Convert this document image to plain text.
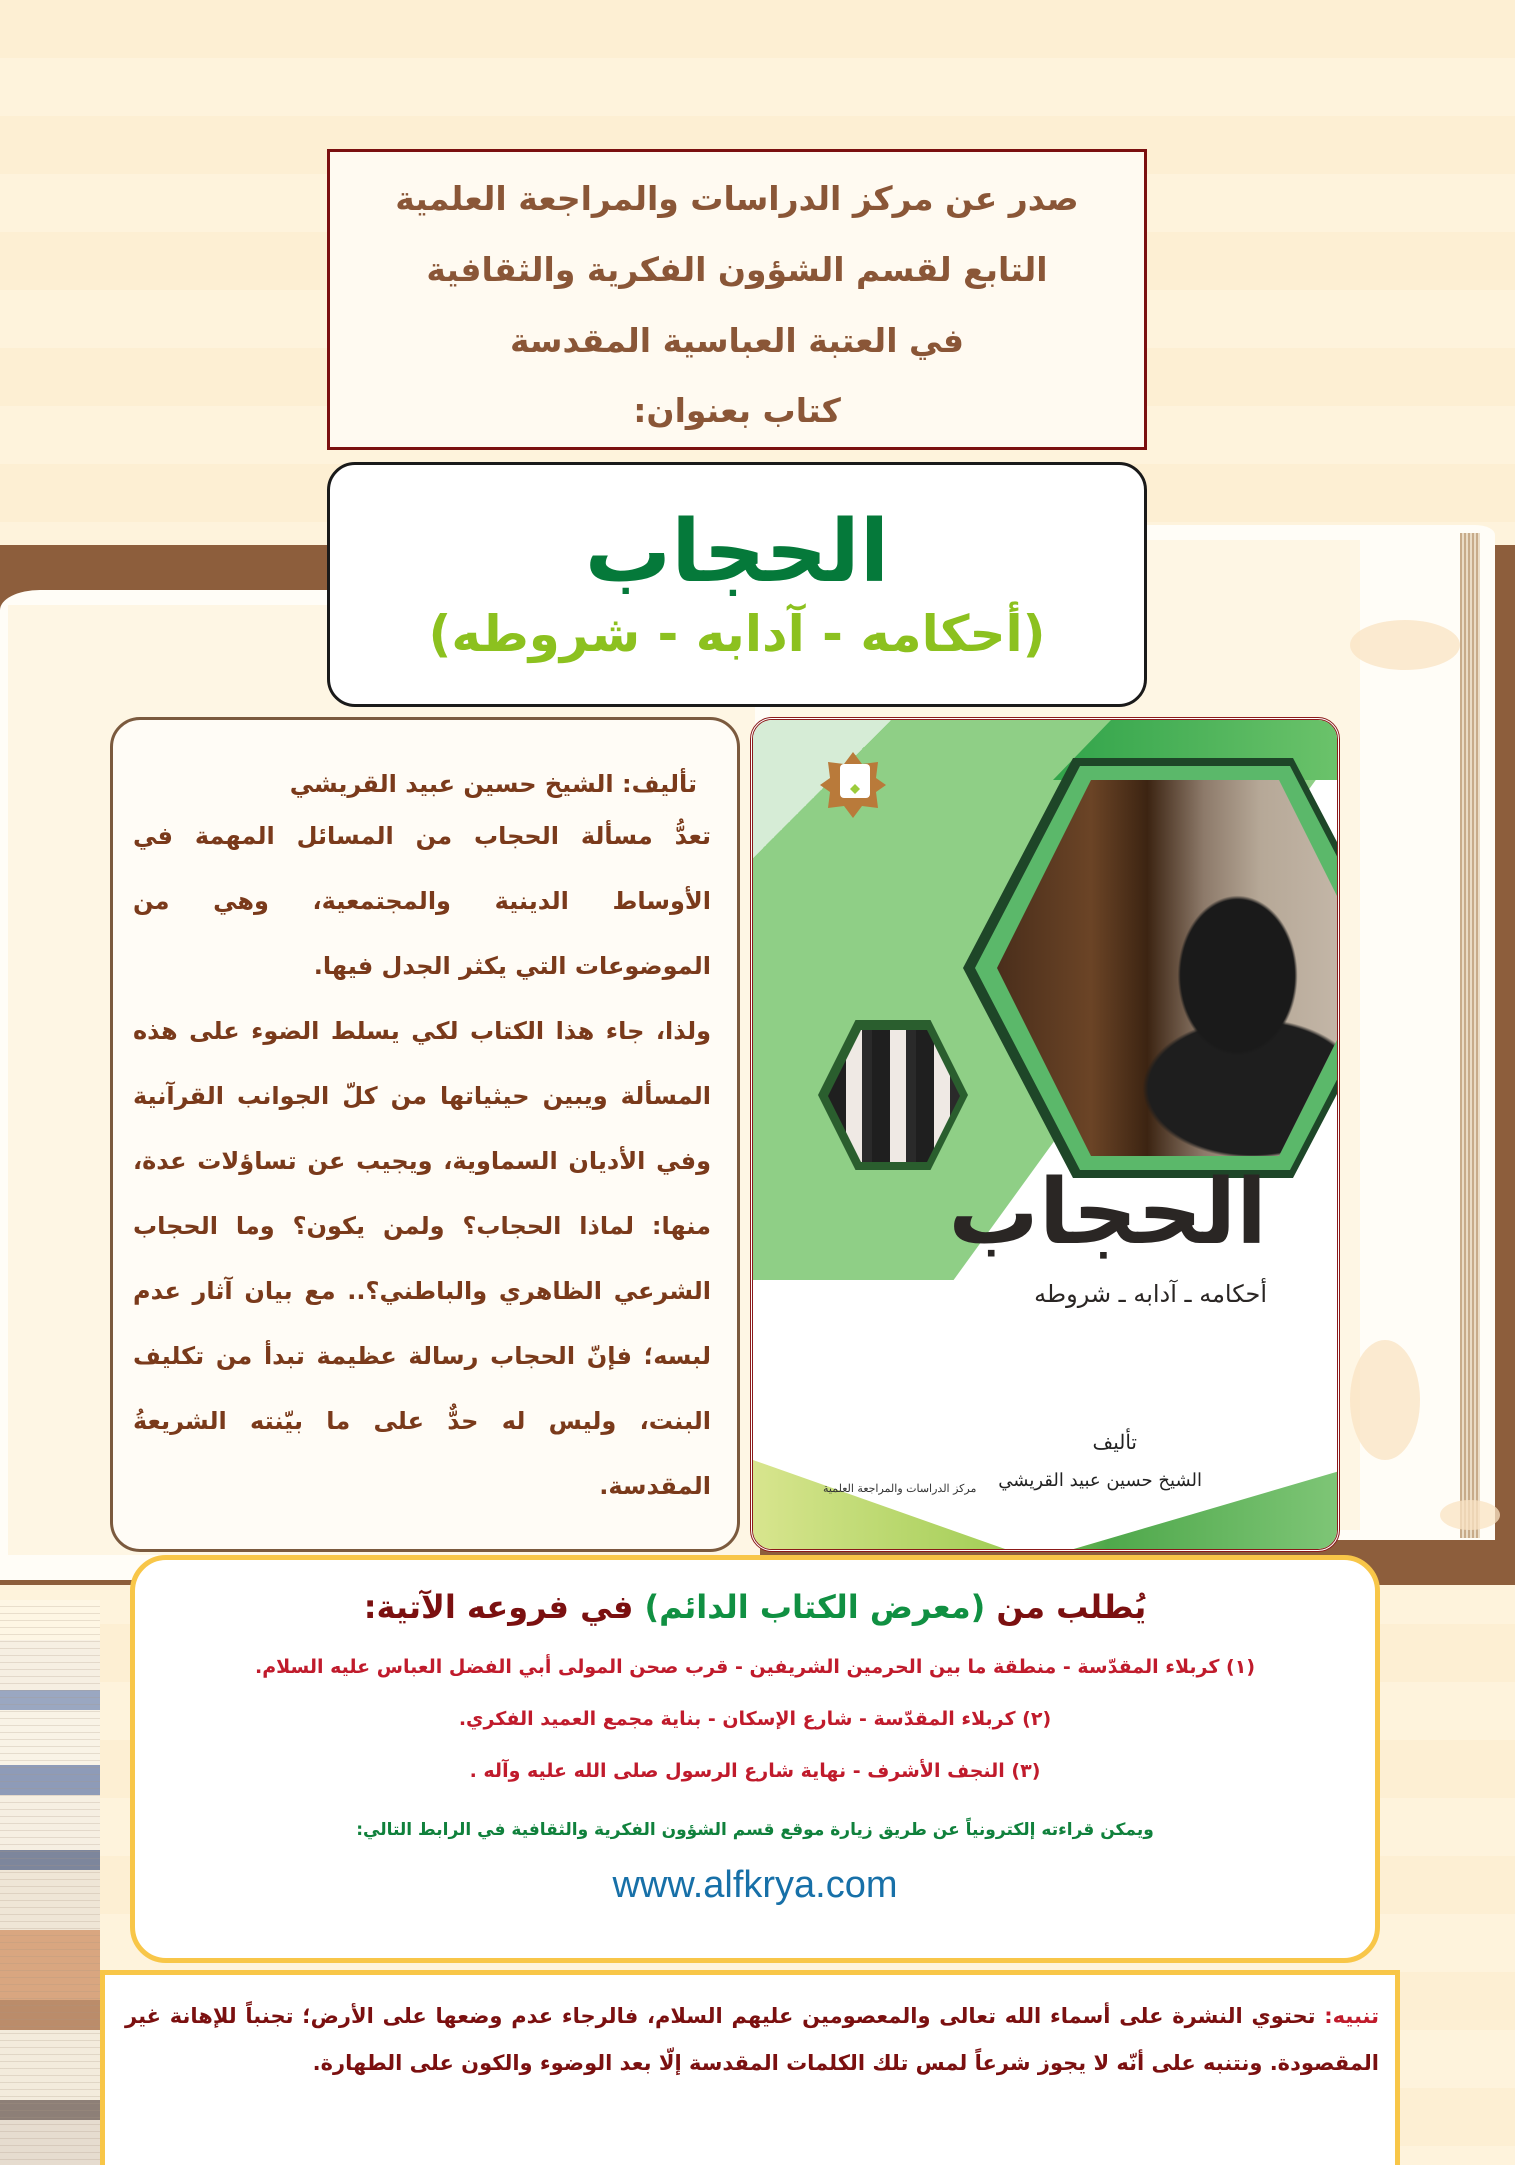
صدر عن مركز الدراسات والمراجعة العلمية
التابع لقسم الشؤون الفكرية والثقافية
في العتبة العباسية المقدسة
كتاب بعنوان:
الحجاب
(أحكامه - آدابه - شروطه)
تأليف: الشيخ حسين عبيد القريشي

تعدُّ مسألة الحجاب من المسائل المهمة في الأوساط الدينية والمجتمعية، وهي من الموضوعات التي يكثر الجدل فيها.

ولذا، جاء هذا الكتاب لكي يسلط الضوء على هذه المسألة ويبين حيثياتها من كلّ الجوانب القرآنية وفي الأديان السماوية، ويجيب عن تساؤلات عدة، منها: لماذا الحجاب؟ ولمن يكون؟ وما الحجاب الشرعي الظاهري والباطني؟.. مع بيان آثار عدم لبسه؛ فإنّ الحجاب رسالة عظيمة تبدأ من تكليف البنت، وليس له حدٌّ على ما بيّنته الشريعةُ المقدسة.

الحجاب
أحكامه ـ آدابه ـ شروطه
تأليف
الشيخ حسين عبيد القريشي
مركز الدراسات والمراجعة العلمية
يُطلب من (معرض الكتاب الدائم) في فروعه الآتية:
(١) كربلاء المقدّسة - منطقة ما بين الحرمين الشريفين - قرب صحن المولى أبي الفضل العباس عليه السلام.
(٢) كربلاء المقدّسة - شارع الإسكان - بناية مجمع العميد الفكري.
(٣) النجف الأشرف - نهاية شارع الرسول صلى الله عليه وآله .
ويمكن قراءته إلكترونياً عن طريق زيارة موقع قسم الشؤون الفكرية والثقافية في الرابط التالي:
www.alfkrya.com

تنبيه: تحتوي النشرة على أسماء الله تعالى والمعصومين عليهم السلام، فالرجاء عدم وضعها على الأرض؛ تجنباً للإهانة غير المقصودة. ونتنبه على أنّه لا يجوز شرعاً لمس تلك الكلمات المقدسة إلّا بعد الوضوء والكون على الطهارة.
